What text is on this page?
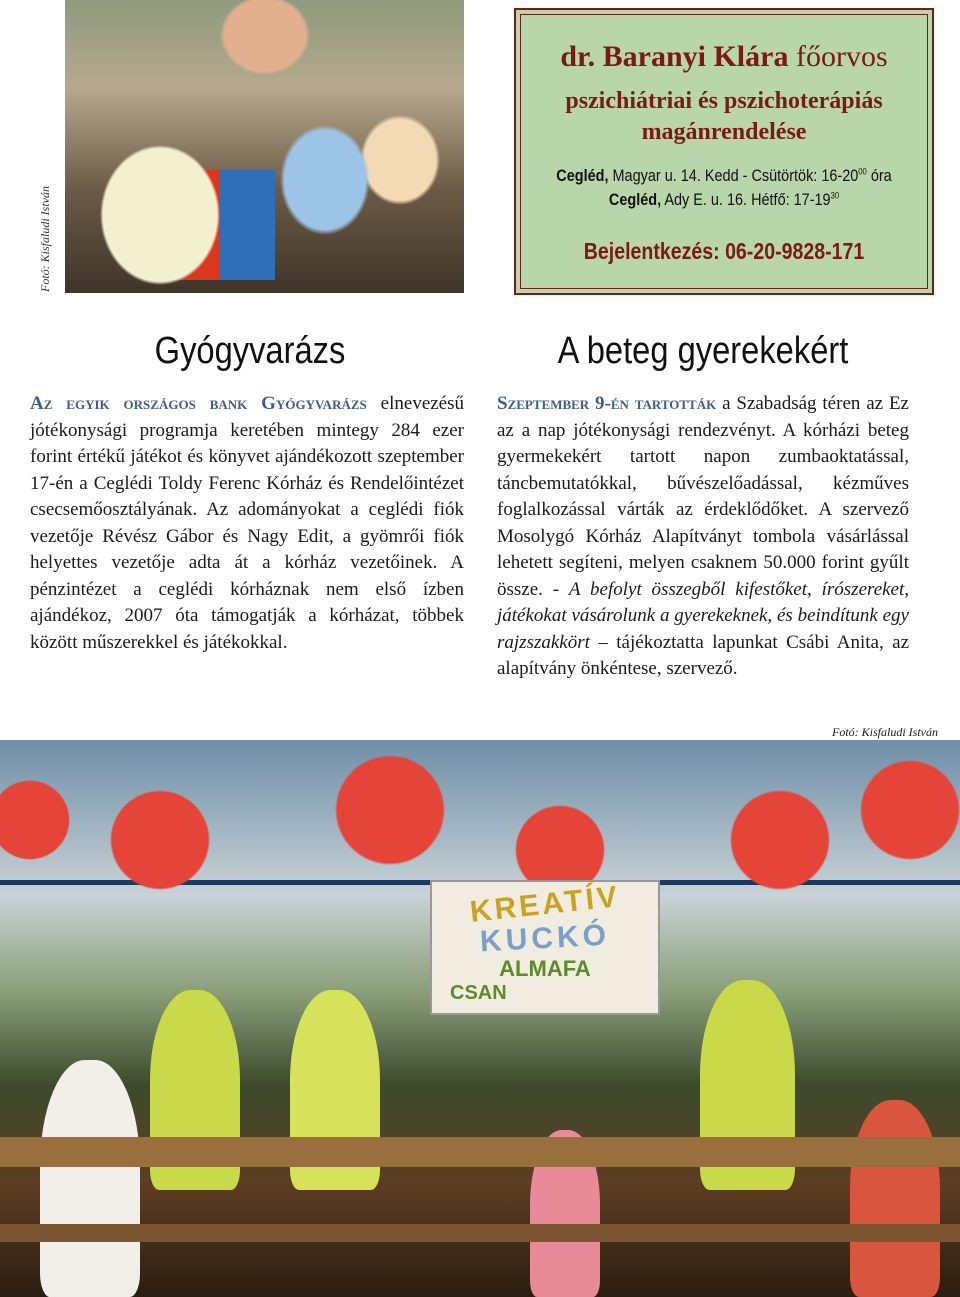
Fotó: Kisfaludi István
dr. Baranyi Klára főorvos
pszichiátriai és pszichoterápiás
magánrendelése
Cegléd, Magyar u. 14. Kedd - Csütörtök: $16-20^{00}$ óra
Cegléd, Ady E. u. 16. Hétfő: $17-19^{30}$
Bejelentkezés: 06-20-9828-171
Gyógyvarázs
Az egyik országos bank Gyógyvarázs elnevezésű jótékonysági programja keretében mintegy 284 ezer forint értékű játékot és könyvet ajándékozott szeptember 17-én a Ceglédi Toldy Ferenc Kórház és Rendelőintézet csecsemőosztályának. Az adományokat a ceglédi fiók vezetője Révész Gábor és Nagy Edit, a gyömrői fiók helyettes vezetője adta át a kórház vezetőinek. A pénzintézet a ceglédi kórháznak nem első ízben ajándékoz, 2007 óta támogatják a kórházat, többek között műszerekkel és játékokkal.
A beteg gyerekekért
Szeptember 9-én tartották a Szabadság téren az Ez az a nap jótékonysági rendezvényt. A kórházi beteg gyermekekért tartott napon zumbaoktatással, táncbemutatókkal, bűvészelőadással, kézműves foglalkozással várták az érdeklődőket. A szervező Mosolygó Kórház Alapítványt tombola vásárlással lehetett segíteni, melyen csaknem 50.000 forint gyűlt össze. - A befolyt összegből kifestőket, írószereket, játékokat vásárolunk a gyerekeknek, és beindítunk egy rajzszakkört – tájékoztatta lapunkat Csábi Anita, az alapítvány önkéntese, szervező.
Fotó: Kisfaludi István
KREATÍV
KUCKÓ
ALMAFA
CSAN
